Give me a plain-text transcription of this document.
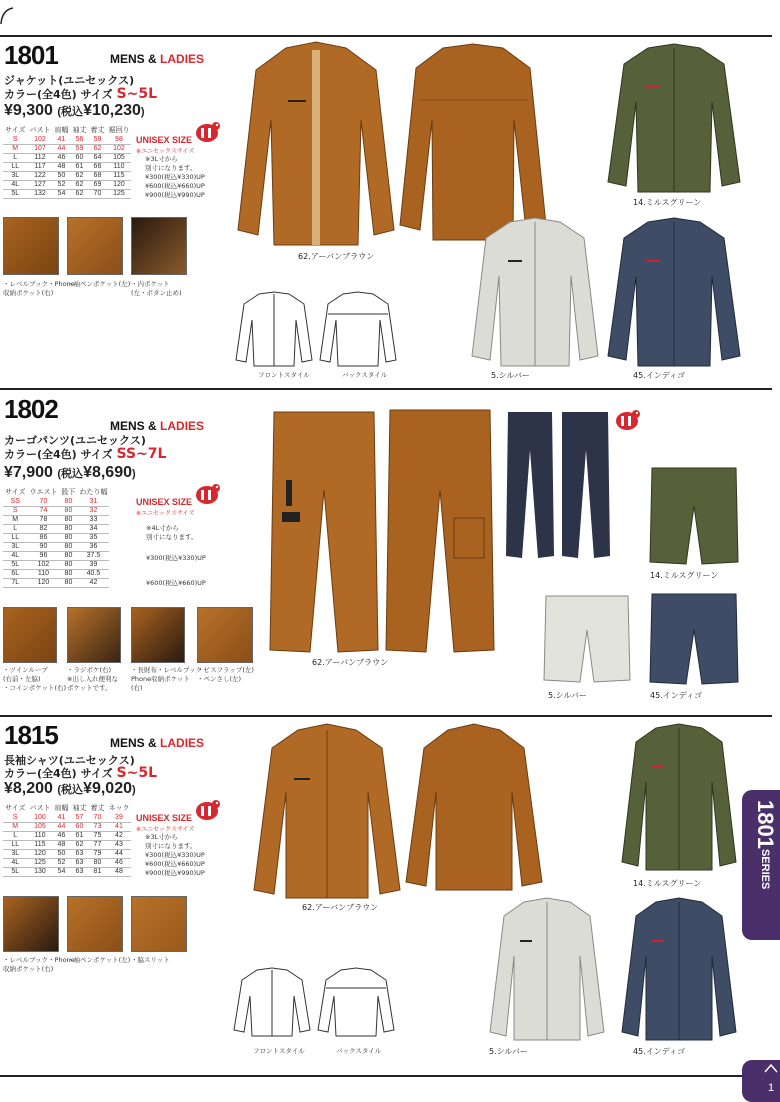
1801	MENS & LADIES
ジャケット(ユニセックス)
カラー(全4色) サイズ S~5L
¥9,300 (税込¥10,230)
サイズ	バスト	肩幅	袖丈	着丈	裾回り
S	102	41	56	59	98
M	107	44	59	62	102
L	112	46	60	64	105
LL	117	48	61	66	110
3L	122	50	62	68	115
4L	127	52	62	69	120
5L	132	54	62	70	125
UNISEX SIZE
※ユニセックスサイズ
※3L寸から
別寸になります。
¥300(税込¥330)UP
¥600(税込¥660)UP
¥900(税込¥990)UP
・レベルブック・Phone
収納ポケット(右)
・袖ペンポケット(左) ・内ポケット
(左・ボタン止め)
62.アーバンブラウン
フロントスタイル	バックスタイル
14.ミルスグリーン
5.シルバー	45.インディゴ
1802
MENS & LADIES
カーゴパンツ(ユニセックス)
カラー(全4色) サイズ SS~7L
¥7,900 (税込¥8,690)
サイズ	ウエスト	股下	わたり幅
SS	70	80	31
S	74	80	32
M	78	80	33
L	82	80	34
LL	86	80	35
3L	90	80	36
4L	96	80	37.5
5L	102	80	39
6L	110	80	40.5
7L	120	80	42
UNISEX SIZE
※ユニセックスサイズ
※4L寸から
別寸になります。
¥300(税込¥330)UP
¥600(税込¥660)UP
・ツインループ
(右前・左脇)
・コインポケット(右)
・ラジポケ(右)
※出し入れ便利な
ポケットです。
・長財布・レベルブック・
Phone収納ポケット
(右)
・ピスフラップ(左)
・ペンさし(左)
62.アーバンブラウン
14.ミルスグリーン
5.シルバー	45.インディゴ
1815	MENS & LADIES
長袖シャツ(ユニセックス)
カラー(全4色) サイズ S~5L
¥8,200 (税込¥9,020)
サイズ	バスト	肩幅	袖丈	着丈	ネック
S	100	41	57	70	39
M	105	44	60	73	41
L	110	46	61	75	42
LL	115	48	62	77	43
3L	120	50	63	79	44
4L	125	52	63	80	46
5L	130	54	63	81	48
UNISEX SIZE
※ユニセックスサイズ
※3L寸から
別寸になります。
¥300(税込¥330)UP
¥600(税込¥660)UP
¥900(税込¥990)UP
・レベルブック・Phone
収納ポケット(右)
・袖ペンポケット(左) ・脇スリット
62.アーバンブラウン
フロントスタイル	バックスタイル
14.ミルスグリーン
5.シルバー	45.インディゴ
1801SERIES
1
